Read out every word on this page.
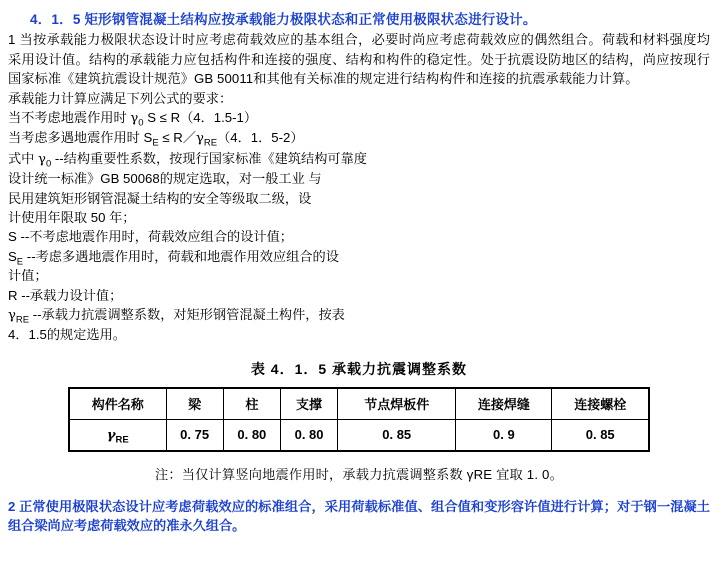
4．1．5 矩形钢管混凝土结构应按承载能力极限状态和正常使用极限状态进行设计。

1 当按承载能力极限状态设计时应考虑荷载效应的基本组合，必要时尚应考虑荷载效应的偶然组合。荷载和材料强度均采用设计值。结构的承载能力应包括构件和连接的强度、结构和构件的稳定性。处于抗震设防地区的结构，尚应按现行国家标准《建筑抗震设计规范》GB 50011和其他有关标准的规定进行结构构件和连接的抗震承载能力计算。

承载能力计算应满足下列公式的要求：
当不考虑地震作用时 $\gamma_0$ S ≤ R（4．1.5-1）
当考虑多遇地震作用时 $S_E$ ≤ $R/\gamma_{RE}(4$．1．5-2）
式中 $\gamma_0$ --结构重要性系数，按现行国家标准《建筑结构可靠度
设计统一标准》GB 50068的规定选取，对一般工业 与
民用建筑矩形钢管混凝土结构的安全等级取二级，设
计使用年限取 50 年；
S --不考虑地震作用时，荷载效应组合的设计值；
$S_E$ --考虑多遇地震作用时，荷载和地震作用效应组合的设
计值；
R --承载力设计值；
$\gamma_{RE}$ --承载力抗震调整系数，对矩形钢管混凝土构件，按表
4．1.5的规定选用。
表 4．1．5 承载力抗震调整系数
构件名称	梁	柱	支撑	节点焊板件	连接焊缝	连接螺栓
$\gamma_{RE}$	0. 75	0. 80	0. 80	0. 85	0. 9	0. 85
注：当仅计算竖向地震作用时，承载力抗震调整系数 γRE 宜取 1. 0。

2 正常使用极限状态设计应考虑荷载效应的标准组合，采用荷载标准值、组合值和变形容许值进行计算；对于钢一混凝土组合梁尚应考虑荷载效应的准永久组合。
